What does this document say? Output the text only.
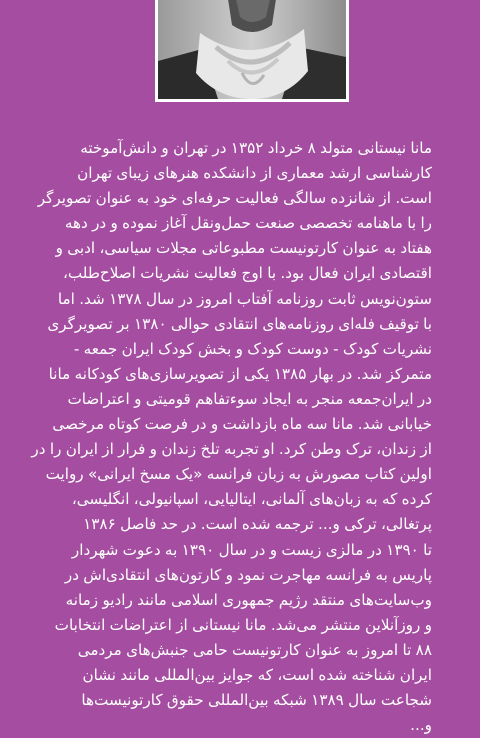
مانا نیستانی متولد ۸ خرداد ۱۳۵۲ در تهران و دانش‌آموخته
کارشناسی ارشد معماری از دانشکده هنرهای زیبای تهران
است. از شانزده سالگی فعالیت حرفه‌ای خود به عنوان تصویرگر
را با ماهنامه تخصصی صنعت حمل‌ونقل آغاز نموده و در دهه
هفتاد به عنوان کارتونیست مطبوعاتی مجلات سیاسی، ادبی و
اقتصادی ایران فعال بود. با اوج فعالیت نشریات اصلاح‌طلب،
ستون‌نویس ثابت روزنامه آفتاب امروز در سال ۱۳۷۸ شد. اما
با توقیف فله‌ای روزنامه‌های انتقادی حوالی ۱۳۸۰ بر تصویرگری
نشریات کودک - دوست کودک و بخش کودک ایران جمعه -
متمرکز شد. در بهار ۱۳۸۵ یکی از تصویرسازی‌های کودکانه مانا
در ایران‌جمعه منجر به ایجاد سوءتفاهم قومیتی و اعتراضات
خیابانی شد. مانا سه ماه بازداشت و در فرصت کوتاه مرخصی
از زندان، ترک وطن کرد. او تجربه تلخ زندان و فرار از ایران را در
اولین کتاب مصورش به زبان فرانسه «یک مسخ ایرانی» روایت
کرده که به زبان‌های آلمانی، ایتالیایی، اسپانیولی، انگلیسی،
پرتغالی، ترکی و... ترجمه شده است. در حد فاصل ۱۳۸۶
تا ۱۳۹۰ در مالزی زیست و در سال ۱۳۹۰ به دعوت شهردار
پاریس به فرانسه مهاجرت نمود و کارتون‌های انتقادی‌اش در
وب‌سایت‌های منتقد رژیم جمهوری اسلامی مانند رادیو زمانه
و روزآنلاین منتشر می‌شد. مانا نیستانی از اعتراضات انتخابات
۸۸ تا امروز به عنوان کارتونیست حامی جنبش‌های مردمی
ایران شناخته شده است، که جوایز بین‌المللی مانند نشان
شجاعت سال ۱۳۸۹ شبکه بین‌المللی حقوق کارتونیست‌ها
و...
